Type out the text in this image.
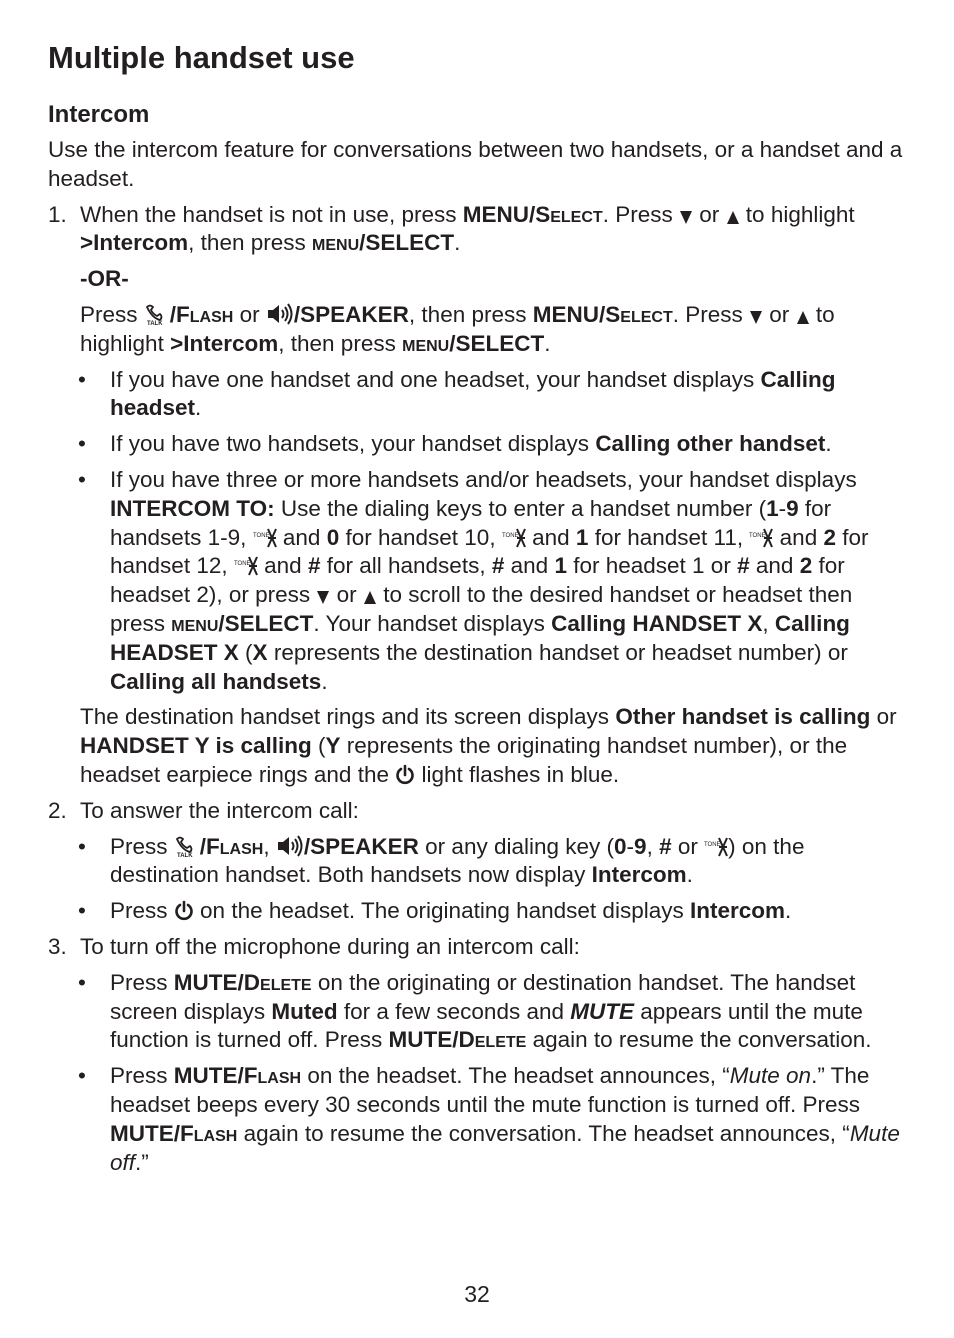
Multiple handset use
Intercom

Use the intercom feature for conversations between two handsets, or a handset and a headset.

1. When the handset is not in use, press MENU/Select. Press or to highlight >Intercom, then press menu/SELECT.

-OR-

Press TALK /Flash or /SPEAKER, then press MENU/Select. Press or to highlight >Intercom, then press menu/SELECT.

• If you have one handset and one headset, your handset displays Calling headset.

• If you have two handsets, your handset displays Calling other handset.

• If you have three or more handsets and/or headsets, your handset displays INTERCOM TO: Use the dialing keys to enter a handset number (1-9 for handsets 1-9, TONE and 0 for handset 10, TONE and 1 for handset 11, TONE and 2 for handset 12, TONE and # for all handsets, # and 1 for headset 1 or # and 2 for headset 2), or press or to scroll to the desired handset or headset then press menu/SELECT. Your handset displays Calling HANDSET X, Calling HEADSET X (X represents the destination handset or headset number) or Calling all handsets.

The destination handset rings and its screen displays Other handset is calling or HANDSET Y is calling (Y represents the originating handset number), or the headset earpiece rings and the light flashes in blue.

2. To answer the intercom call:

• Press TALK /Flash, /SPEAKER or any dialing key (0-9, # or TONE ) on the destination handset. Both handsets now display Intercom.

• Press on the headset. The originating handset displays Intercom.

3. To turn off the microphone during an intercom call:

• Press MUTE/Delete on the originating or destination handset. The handset screen displays Muted for a few seconds and MUTE appears until the mute function is turned off. Press MUTE/Delete again to resume the conversation.

• Press MUTE/Flash on the headset. The headset announces, “Mute on.” The headset beeps every 30 seconds until the mute function is turned off. Press MUTE/Flash again to resume the conversation. The headset announces, “Mute off.”

32
